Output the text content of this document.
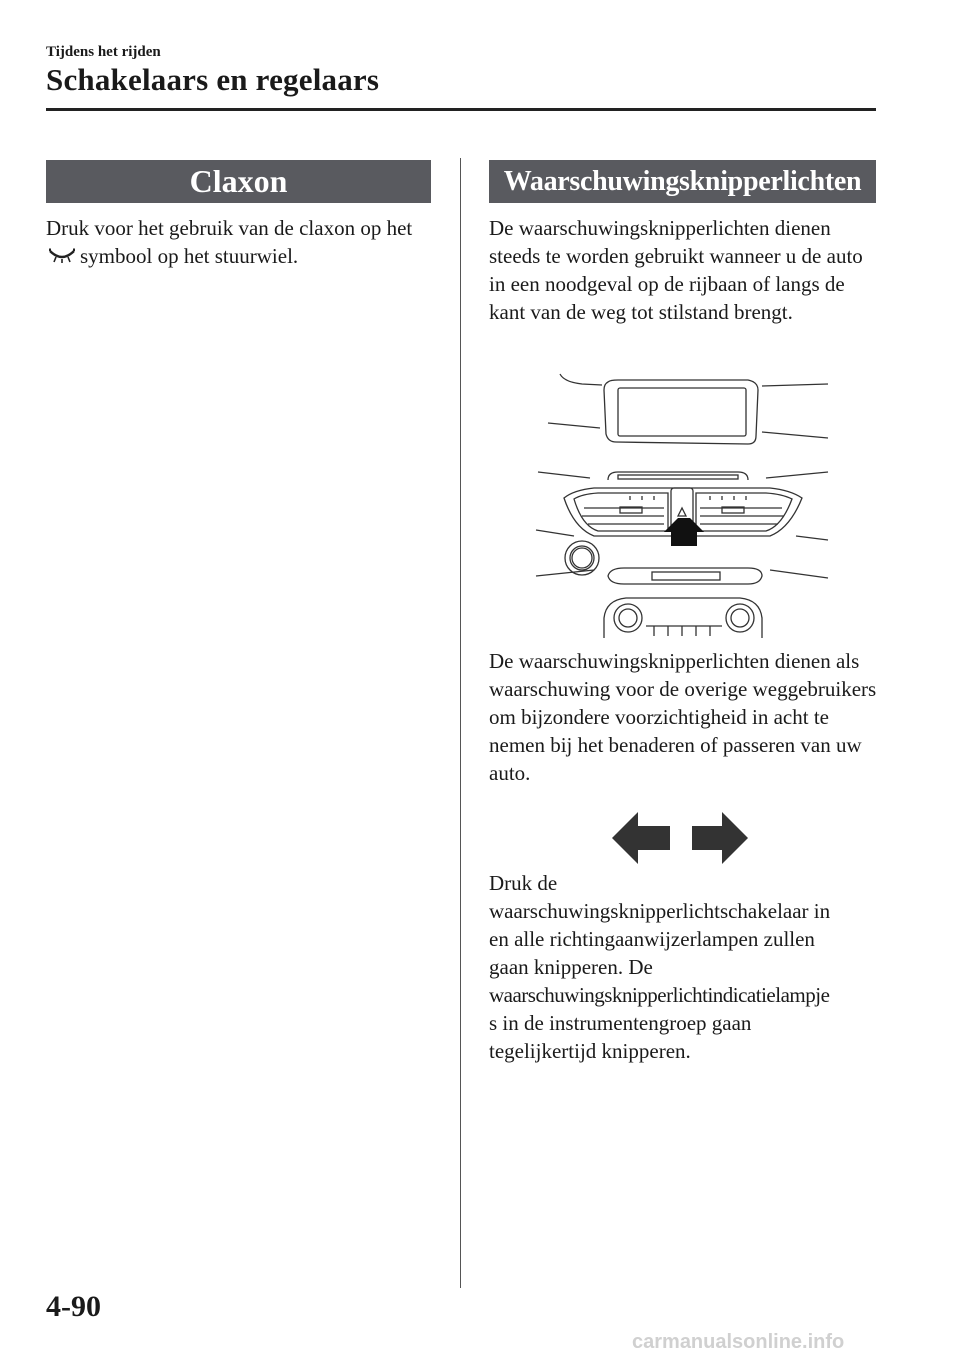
Tijdens het rijden
Schakelaars en regelaars
Claxon
Druk voor het gebruik van de claxon op hetsymbool op het stuurwiel.
Waarschuwingsknipperlichten
De waarschuwingsknipperlichten dienen steeds te worden gebruikt wanneer u de auto in een noodgeval op de rijbaan of langs de kant van de weg tot stilstand brengt.
De waarschuwingsknipperlichten dienen als waarschuwing voor de overige weggebruikers om bijzondere voorzichtigheid in acht te nemen bij het benaderen of passeren van uw auto.
Druk de
waarschuwingsknipperlichtschakelaar in
en alle richtingaanwijzerlampen zullen
gaan knipperen. De
waarschuwingsknipperlichtindicatielampje
s in de instrumentengroep gaan
tegelijkertijd knipperen.
4-90
carmanualsonline.info
